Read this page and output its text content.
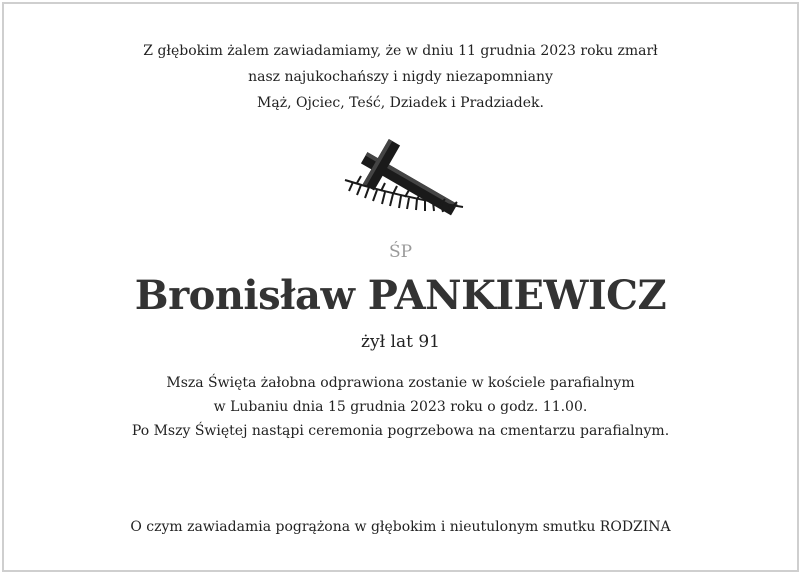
Z głębokim żalem zawiadamiamy, że w dniu 11 grudnia 2023 roku zmarł
nasz najukochańszy i nigdy niezapomniany
Mąż, Ojciec, Teść, Dziadek i Pradziadek.
ŚP
Bronisław PANKIEWICZ
żył lat 91
Msza Święta żałobna odprawiona zostanie w kościele parafialnym
w Lubaniu dnia 15 grudnia 2023 roku o godz. 11.00.
Po Mszy Świętej nastąpi ceremonia pogrzebowa na cmentarzu parafialnym.
O czym zawiadamia pogrążona w głębokim i nieutulonym smutku RODZINA
